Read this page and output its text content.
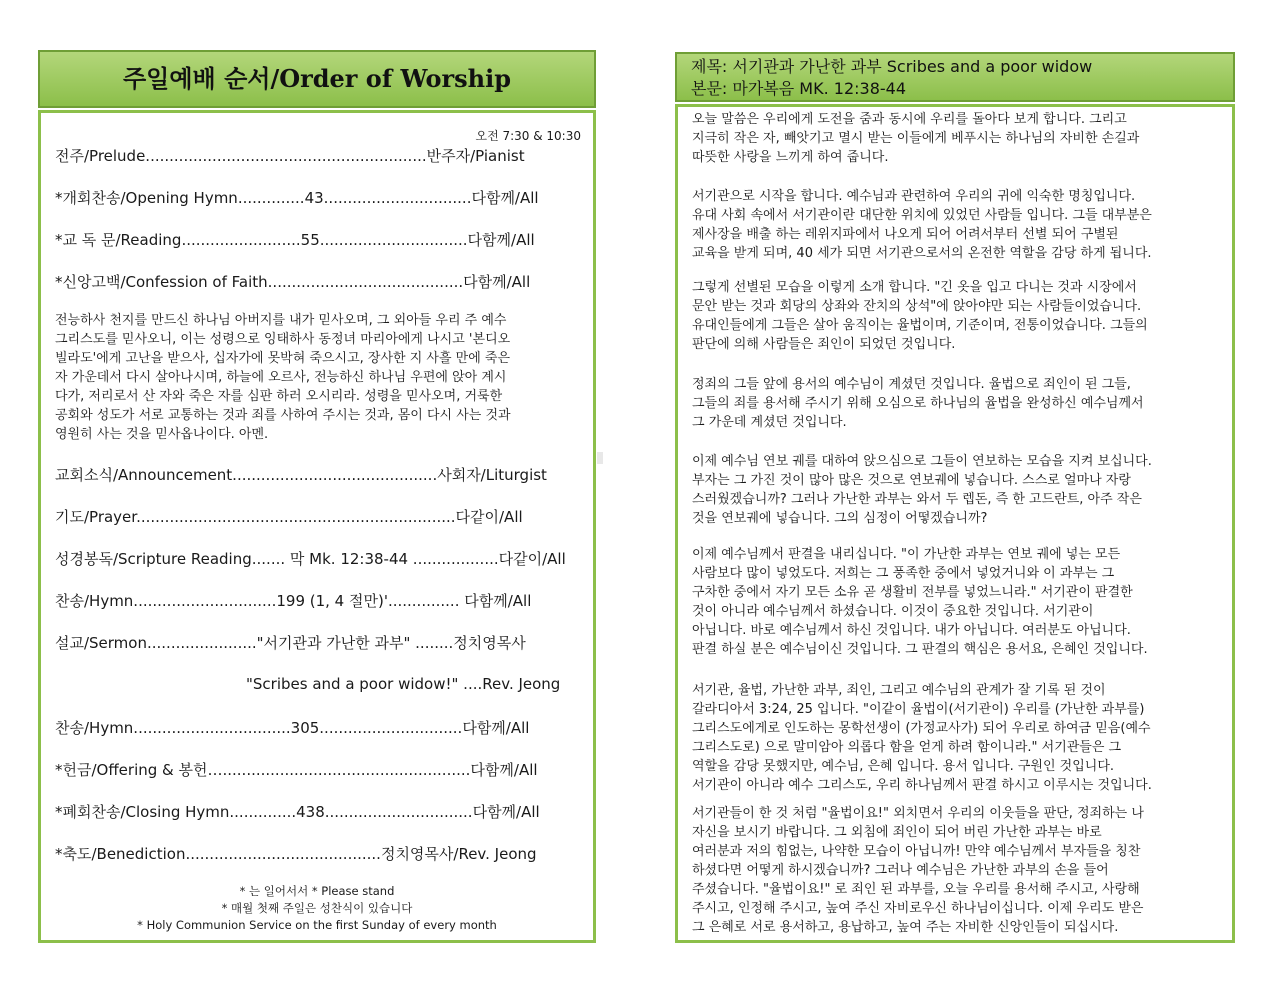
주일예배 순서/Order of Worship
오전 7:30 & 10:30
전주/Prelude...........................................................반주자/Pianist
*개회찬송/Opening Hymn..............43...............................다함께/All
*교 독 문/Reading.........................55...............................다함께/All
*신앙고백/Confession of Faith.........................................다함께/All
전능하사 천지를 만드신 하나님 아버지를 내가 믿사오며, 그 외아들 우리 주 예수
그리스도를 믿사오니, 이는 성령으로 잉태하사 동정녀 마리아에게 나시고 '본디오
빌라도'에게 고난을 받으사, 십자가에 못박혀 죽으시고, 장사한 지 사흘 만에 죽은
자 가운데서 다시 살아나시며, 하늘에 오르사, 전능하신 하나님 우편에 앉아 계시
다가, 저리로서 산 자와 죽은 자를 심판 하러 오시리라. 성령을 믿사오며, 거룩한
공회와 성도가 서로 교통하는 것과 죄를 사하여 주시는 것과, 몸이 다시 사는 것과
영원히 사는 것을 믿사옵나이다. 아멘.
교회소식/Announcement...........................................사회자/Liturgist
기도/Prayer...................................................................다같이/All
성경봉독/Scripture Reading....... 막 Mk. 12:38-44 ..................다같이/All
찬송/Hymn..............................199 (1, 4 절만)'............... 다함께/All
설교/Sermon......................."서기관과 가난한 과부" ........정치영목사
"Scribes and a poor widow!" ....Rev. Jeong
찬송/Hymn.................................305..............................다함께/All
*헌금/Offering & 봉헌…....................................................다함께/All
*폐회찬송/Closing Hymn..............438...............................다함께/All
*축도/Benediction.........................................정치영목사/Rev. Jeong
* 는 일어서서 * Please stand
* 매월 첫째 주일은 성찬식이 있습니다
* Holy Communion Service on the first Sunday of every month
제목: 서기관과 가난한 과부 Scribes and a poor widow
본문: 마가복음 MK. 12:38-44
오늘 말씀은 우리에게 도전을 줌과 동시에 우리를 돌아다 보게 합니다. 그리고
지극히 작은 자, 빼앗기고 멸시 받는 이들에게 베푸시는 하나님의 자비한 손길과
따뜻한 사랑을 느끼게 하여 줍니다.
서기관으로 시작을 합니다. 예수님과 관련하여 우리의 귀에 익숙한 명칭입니다.
유대 사회 속에서 서기관이란 대단한 위치에 있었던 사람들 입니다. 그들 대부분은
제사장을 배출 하는 레위지파에서 나오게 되어 어려서부터 선별 되어 구별된
교육을 받게 되며, 40 세가 되면 서기관으로서의 온전한 역할을 감당 하게 됩니다.
그렇게 선별된 모습을 이렇게 소개 합니다. "긴 옷을 입고 다니는 것과 시장에서
문안 받는 것과 회당의 상좌와 잔치의 상석"에 앉아야만 되는 사람들이었습니다.
유대인들에게 그들은 살아 움직이는 율법이며, 기준이며, 전통이었습니다. 그들의
판단에 의해 사람들은 죄인이 되었던 것입니다.
정죄의 그들 앞에 용서의 예수님이 계셨던 것입니다. 율법으로 죄인이 된 그들,
그들의 죄를 용서해 주시기 위해 오심으로 하나님의 율법을 완성하신 예수님께서
그 가운데 계셨던 것입니다.
이제 예수님 연보 궤를 대하여 앉으심으로 그들이 연보하는 모습을 지켜 보십니다.
부자는 그 가진 것이 많아 많은 것으로 연보궤에 넣습니다. 스스로 얼마나 자랑
스러웠겠습니까? 그러나 가난한 과부는 와서 두 렙돈, 즉 한 고드란트, 아주 작은
것을 연보궤에 넣습니다. 그의 심정이 어떻겠습니까?
이제 예수님께서 판결을 내리십니다. "이 가난한 과부는 연보 궤에 넣는 모든
사람보다 많이 넣었도다. 저희는 그 풍족한 중에서 넣었거니와 이 과부는 그
구차한 중에서 자기 모든 소유 곧 생활비 전부를 넣었느니라." 서기관이 판결한
것이 아니라 예수님께서 하셨습니다. 이것이 중요한 것입니다. 서기관이
아닙니다. 바로 예수님께서 하신 것입니다. 내가 아닙니다. 여러분도 아닙니다.
판결 하실 분은 예수님이신 것입니다. 그 판결의 핵심은 용서요, 은혜인 것입니다.
서기관, 율법, 가난한 과부, 죄인, 그리고 예수님의 관계가 잘 기록 된 것이
갈라디아서 3:24, 25 입니다. "이같이 율법이(서기관이) 우리를 (가난한 과부를)
그리스도에게로 인도하는 몽학선생이 (가정교사가) 되어 우리로 하여금 믿음(예수
그리스도로) 으로 말미암아 의롭다 함을 얻게 하려 함이니라." 서기관들은 그
역할을 감당 못했지만, 예수님, 은혜 입니다. 용서 입니다. 구원인 것입니다.
서기관이 아니라 예수 그리스도, 우리 하나님께서 판결 하시고 이루시는 것입니다.
서기관들이 한 것 처럼 "율법이요!" 외치면서 우리의 이웃들을 판단, 정죄하는 나
자신을 보시기 바랍니다. 그 외침에 죄인이 되어 버린 가난한 과부는 바로
여러분과 저의 힘없는, 나약한 모습이 아닙니까! 만약 예수님께서 부자들을 칭찬
하셨다면 어떻게 하시겠습니까? 그러나 예수님은 가난한 과부의 손을 들어
주셨습니다. "율법이요!" 로 죄인 된 과부를, 오늘 우리를 용서해 주시고, 사랑해
주시고, 인정해 주시고, 높여 주신 자비로우신 하나님이십니다. 이제 우리도 받은
그 은혜로 서로 용서하고, 용납하고, 높여 주는 자비한 신앙인들이 되십시다.
